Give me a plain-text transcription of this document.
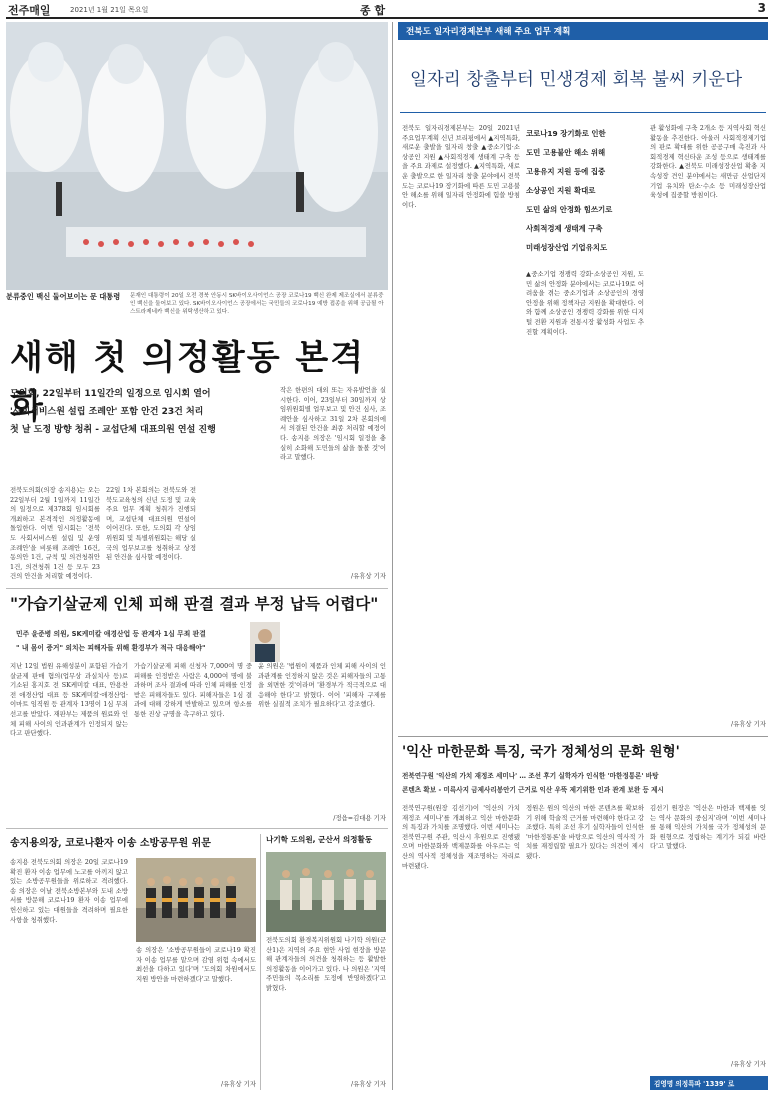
전주매일	2021년 1월 21일 목요일	종 합	3
분류중인 백신 둘어보이는 문 대통령	문재인 대통령이 20일 오전 경북 안동시 SK바이오사이언스 공장 코로나19 백신 완제 제조실에서 분류중인 백신을 둘어보고 있다. SK바이오사이언스 공장에서는 국민들의 코로나19 예방 접종을 위해 공급될 아스트라제네카 백신을 위탁생산하고 있다.
새해 첫 의정활동 본격화
도의회, 22일부터 11일간의 일정으로 임시회 열어
'사회서비스원 설립 조례안' 포함 안건 23건 처리
첫 날 도정 방향 청취 - 교섭단체 대표의원 연설 진행
전북도의회(의장 송지용)는 오는 22일부터 2월 1일까지 11일간의 일정으로 제378회 임시회를 개최하고 본격적인 의정활동에 돌입한다. 이번 임시회는 '전북도 사회서비스원 설립 및 운영 조례안'을 비롯해 조례안 16건, 동의안 1건, 규칙 및 의견청취안 1건, 의견청취 1건 등 모두 23건의 안건을 처리할 예정이다.
22일 1차 본회의는 전북도와 전북도교육청의 신년 도정 및 교육 주요 업무 계획 청취가 진행되며, 교섭단체 대표의원 연설이 이어진다. 또한, 도의회 각 상임위원회 및 특별위원회는 해당 실국의 업무보고를 청취하고 상정된 안건을 심사할 예정이다.
작은 한편의 대외 또는 자유발언을 실시한다. 이어, 23일부터 30일까지 상임위원회별 업무보고 및 안건 심사, 조례안을 심사하고 31일 2차 본회의에서 의결된 안건을 최종 처리할 예정이다. 송지용 의장은 '임시회 일정을 충실히 소화해 도민들의 삶을 돌볼 것'이라고 말했다.
/유휴상 기자
"가습기살균제 인체 피해 판결 결과 부정 납득 어렵다"
민주 윤준병 의원, SK케미칼 애경산업 등 관계자 1심 무죄 판결
" 내 몸이 증거" 외치는 피해자들 위해 환경부가 적극 대응해야"
지난 12일 법원 유해성분이 포함된 가습기살균제 판매 혐의(업무상 과실치사 등)로 기소된 홍지호 전 SK케미칼 대표, 안용찬 전 애경산업 대표 등 SK케미칼·애경산업·이마트 임직원 등 관계자 13명이 1심 무죄 선고를 받았다. 재판부는 제품의 원료와 인체 피해 사이의 인과관계가 인정되지 않는다고 판단했다.
가습기살균제 피해 신청자 7,000여 명 중 피해를 인정받은 사람은 4,000여 명에 불과하며 조사 결과에 따라 인체 피해를 인정받은 피해자들도 있다. 피해자들은 1심 결과에 대해 강하게 반발하고 있으며 항소를 통한 진상 규명을 촉구하고 있다.
윤 의원은 '법원이 제품과 인체 피해 사이의 인과관계를 인정하지 않은 것은 피해자들의 고통을 외면한 것'이라며 '환경부가 적극적으로 대응해야 한다'고 밝혔다. 이어 '피해자 구제를 위한 실질적 조치가 필요하다'고 강조했다.
/정읍=김대용 기자
송지용의장, 코로나환자 이송 소방공무원 위문
송지용 전북도의회 의장은 20일 코로나19 확진 환자 이송 업무에 노고를 아끼지 않고 있는 소방공무원들을 위로하고 격려했다. 송 의장은 이날 전북소방본부와 도내 소방서를 방문해 코로나19 환자 이송 업무에 헌신하고 있는 대원들을 격려하며 필요한 사항을 청취했다.
송 의장은 '소방공무원들이 코로나19 확진자 이송 업무를 맡으며 감염 위험 속에서도 최선을 다하고 있다'며 '도의회 차원에서도 지원 방안을 마련하겠다'고 말했다.
/유휴상 기자
나기학 도의원, 군산서 의정활동
전북도의회 환경복지위원회 나기학 의원(군산1)은 지역의 주요 현안 사업 현장을 방문해 관계자들의 의견을 청취하는 등 활발한 의정활동을 이어가고 있다. 나 의원은 '지역 주민들의 목소리를 도정에 반영하겠다'고 밝혔다.
/유휴상 기자
전북도 일자리경제본부 새해 주요 업무 계획
일자리 창출부터 민생경제 회복 불씨 키운다
전북도 일자리경제본부는 20일 2021년 주요업무계획 신년 브리핑에서 ▲지역특화, 새로운 출발을 일자리 창출 ▲중소기업·소상공인 지원 ▲사회적경제 생태계 구축 등을 주요 과제로 설정했다. ▲지역특화, 새로운 출발으로 한 일자리 창출 분야에서 전북도는 코로나19 장기화에 따른 도민 고용불안 해소를 위해 일자리 안정화에 힘쓸 방침이다.
코로나19 장기화로 인한
도민 고용불안 해소 위해
고용유지 지원 등에 집중
소상공인 지원 확대로
도민 삶의 안정화 힘쓰기로
사회적경제 생태계 구축
미래성장산업 기업유치도
▲중소기업 경쟁력 강화·소상공인 지원, 도민 삶의 안정화 분야에서는 코로나19로 어려움을 겪는 중소기업과 소상공인의 경영 안정을 위해 정책자금 지원을 확대한다. 이와 함께 소상공인 경쟁력 강화를 위한 디지털 전환 지원과 전통시장 활성화 사업도 추진할 계획이다.
관 활성화에 구축 2개소 등 지역사회 혁신활동을 추진한다. 아울러 사회적경제기업의 판로 확대를 위한 공공구매 촉진과 사회적경제 혁신타운 조성 등으로 생태계를 강화한다. ▲전북도 미래성장산업 확충 지속성장 견인 분야에서는 새만금 산업단지 기업 유치와 탄소·수소 등 미래성장산업 육성에 집중할 방침이다.
/유휴상 기자
'익산 마한문화 특징, 국가 정체성의 문화 원형'
전북연구원 '익산의 가치 재정조 세미나' … 조선 후기 실학자가 인식한 '마한정통론' 바탕
콘텐츠 확보 - 미륵사지 금제사리봉안기 근거로 익산 우뚝 제기위한 인과 관계 보완 등 제시
전북연구원(원장 김선기)이 '익산의 가치 재정조 세미나'를 개최하고 익산 마한문화의 특징과 가치를 조명했다. 이번 세미나는 전북연구원 주관, 익산시 후원으로 진행됐으며 마한문화와 백제문화를 아우르는 익산의 역사적 정체성을 재조명하는 자리로 마련됐다.
정원은 원의 익산의 마한 콘텐츠를 확보하기 위해 학술적 근거를 마련해야 한다고 강조했다. 특히 조선 후기 실학자들이 인식한 '마한정통론'을 바탕으로 익산의 역사적 가치를 재정립할 필요가 있다는 의견이 제시됐다.
김선기 원장은 '익산은 마한과 백제를 잇는 역사 문화의 중심지'라며 '이번 세미나를 통해 익산의 가치를 국가 정체성의 문화 원형으로 정립하는 계기가 되길 바란다'고 말했다.
/유휴상 기자
김영명 의정특파 '1339' 로
